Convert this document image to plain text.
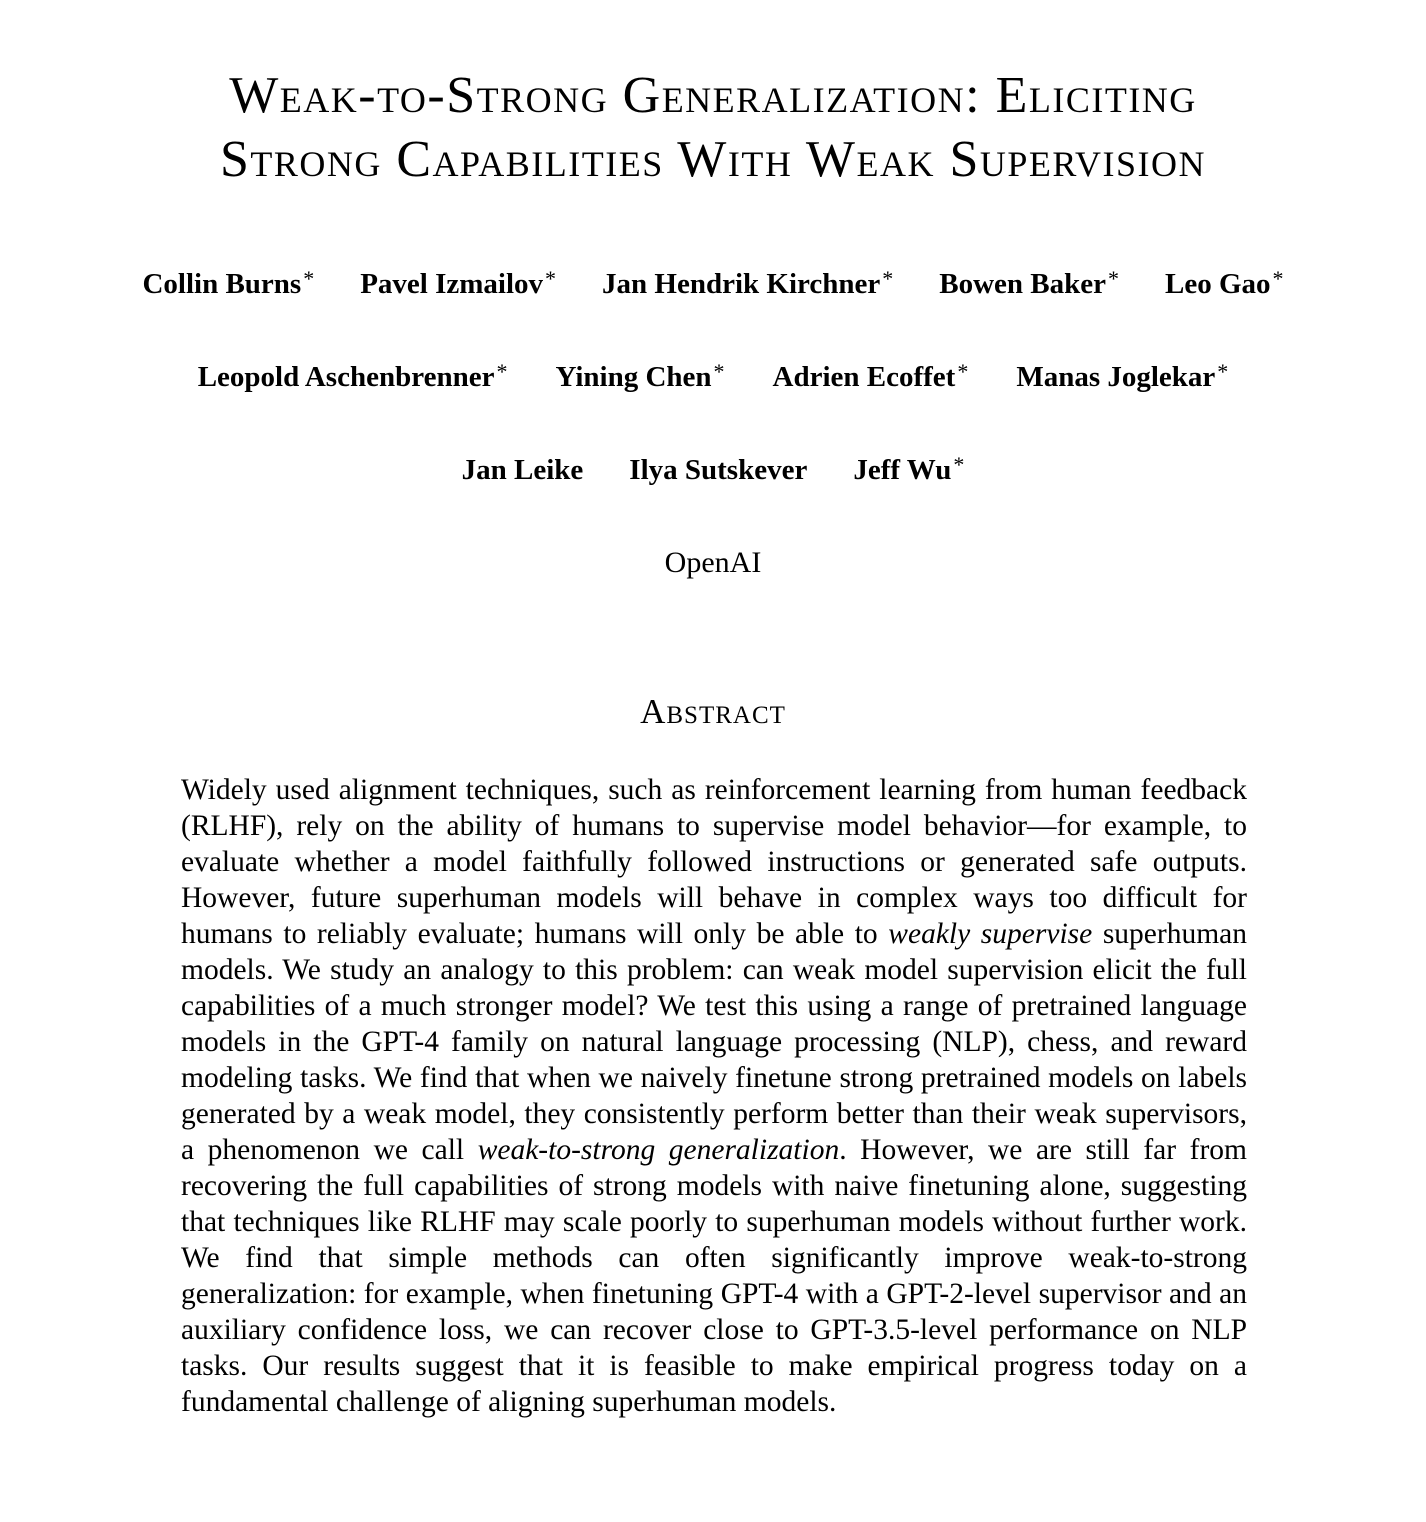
Weak-to-Strong Generalization: Eliciting
Strong Capabilities With Weak Supervision
Collin Burns* Pavel Izmailov* Jan Hendrik Kirchner* Bowen Baker* Leo Gao*
Leopold Aschenbrenner* Yining Chen* Adrien Ecoffet* Manas Joglekar*
Jan Leike Ilya Sutskever Jeff Wu*
OpenAI
Abstract

Widely used alignment techniques, such as reinforcement learning from human feedback (RLHF), rely on the ability of humans to supervise model behavior—for example, to evaluate whether a model faithfully followed instructions or generated safe outputs. However, future superhuman models will behave in complex ways too difficult for humans to reliably evaluate; humans will only be able to weakly supervise superhuman models. We study an analogy to this problem: can weak model supervision elicit the full capabilities of a much stronger model? We test this using a range of pretrained language models in the GPT-4 family on natural language processing (NLP), chess, and reward modeling tasks. We find that when we naively finetune strong pretrained models on labels generated by a weak model, they consistently perform better than their weak supervisors, a phenomenon we call weak-to-strong generalization. However, we are still far from recovering the full capabilities of strong models with naive finetuning alone, suggesting that techniques like RLHF may scale poorly to superhuman models without further work. We find that simple methods can often significantly improve weak-to-strong generalization: for example, when finetuning GPT-4 with a GPT-2-level supervisor and an auxiliary confidence loss, we can recover close to GPT-3.5-level performance on NLP tasks. Our results suggest that it is feasible to make empirical progress today on a fundamental challenge of aligning superhuman models.
